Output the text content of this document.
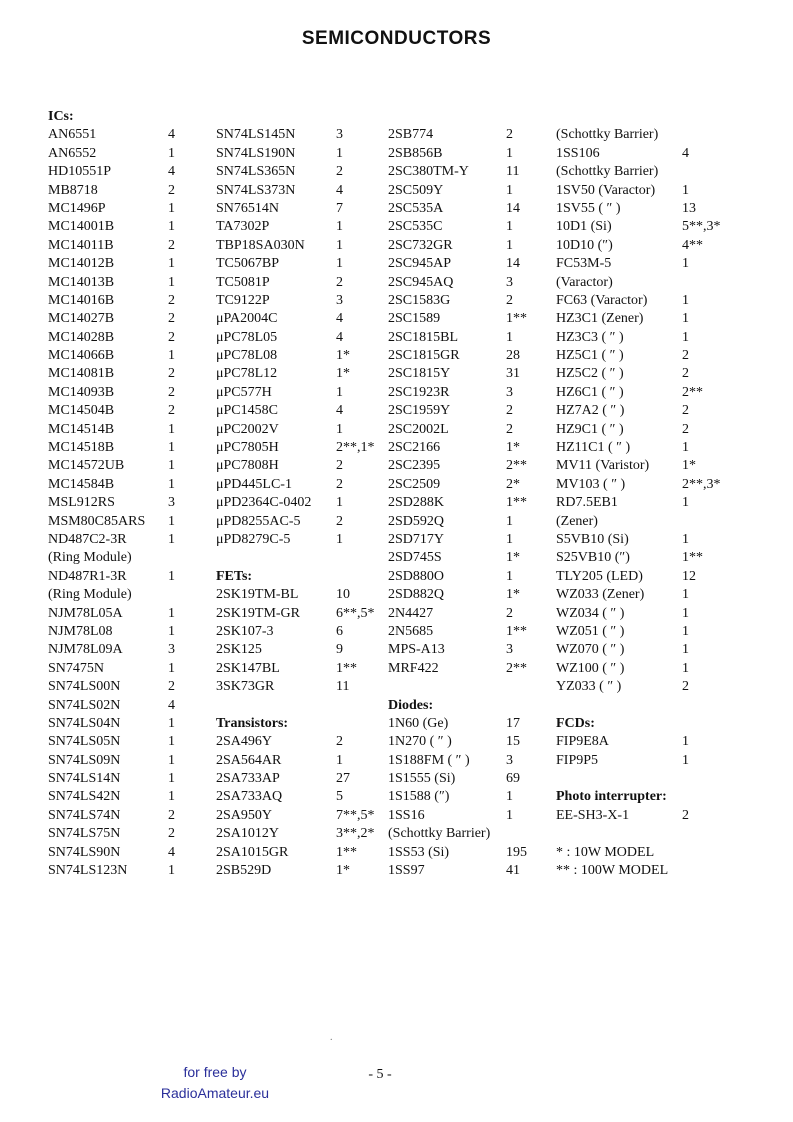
SEMICONDUCTORS
ICs:
AN6551	4
AN6552	1
HD10551P	4
MB8718	2
MC1496P	1
MC14001B	1
MC14011B	2
MC14012B	1
MC14013B	1
MC14016B	2
MC14027B	2
MC14028B	2
MC14066B	1
MC14081B	2
MC14093B	2
MC14504B	2
MC14514B	1
MC14518B	1
MC14572UB	1
MC14584B	1
MSL912RS	3
MSM80C85ARS 1
ND487C2-3R	1
(Ring Module)
ND487R1-3R	1
(Ring Module)
NJM78L05A	1
NJM78L08	1
NJM78L09A	3
SN7475N	1
SN74LS00N	2
SN74LS02N	4
SN74LS04N	1
SN74LS05N	1
SN74LS09N	1
SN74LS14N	1
SN74LS42N	1
SN74LS74N	2
SN74LS75N	2
SN74LS90N	4
SN74LS123N	1
SN74LS145N	3
SN74LS190N	1
SN74LS365N	2
SN74LS373N	4
SN76514N	7
TA7302P	1
TBP18SA030N 1
TC5067BP	1
TC5081P	2
TC9122P	3
μPA2004C	4
μPC78L05	4
μPC78L08	1*
μPC78L12	1*
μPC577H	1
μPC1458C	4
μPC2002V	1
μPC7805H	2**,1*
μPC7808H	2
μPD445LC-1	2
μPD2364C-0402 1
μPD8255AC-5	2
μPD8279C-5	1
FETs:
2SK19TM-BL	10
2SK19TM-GR	6**,5*
2SK107-3	6
2SK125	9
2SK147BL	1**
3SK73GR	11
Transistors:
2SA496Y	2
2SA564AR	1
2SA733AP	27
2SA733AQ	5
2SA950Y	7**,5*
2SA1012Y	3**,2*
2SA1015GR	1**
2SB529D	1*
2SB774	2
2SB856B	1
2SC380TM-Y	11
2SC509Y	1
2SC535A	14
2SC535C	1
2SC732GR	1
2SC945AP	14
2SC945AQ	3
2SC1583G	2
2SC1589	1**
2SC1815BL	1
2SC1815GR	28
2SC1815Y	31
2SC1923R	3
2SC1959Y	2
2SC2002L	2
2SC2166	1*
2SC2395	2**
2SC2509	2*
2SD288K	1**
2SD592Q	1
2SD717Y	1
2SD745S	1*
2SD880O	1
2SD882Q	1*
2N4427	2
2N5685	1**
MPS-A13	3
MRF422	2**
Diodes:
1N60 (Ge)	17
1N270 ( ″ )	15
1S188FM ( ″ )	3
1S1555 (Si)	69
1S1588 (″)	1
1SS16	1
(Schottky Barrier)
1SS53 (Si)	195
1SS97	41
(Schottky Barrier)
1SS106	4
(Schottky Barrier)
1SV50 (Varactor) 1
1SV55 ( ″ )	13
10D1 (Si)	5**,3*
10D10 (″)	4**
FC53M-5	1
(Varactor)
FC63 (Varactor) 1
HZ3C1 (Zener)	1
HZ3C3 ( ″ )	1
HZ5C1 ( ″ )	2
HZ5C2 ( ″ )	2
HZ6C1 ( ″ )	2**
HZ7A2 ( ″ )	2
HZ9C1 ( ″ )	2
HZ11C1 ( ″ )	1
MV11 (Varistor) 1*
MV103 ( ″ )	2**,3*
RD7.5EB1	1
(Zener)
S5VB10 (Si)	1
S25VB10 (″)	1**
TLY205 (LED)	12
WZ033 (Zener)	1
WZ034 ( ″ )	1
WZ051 ( ″ )	1
WZ070 ( ″ )	1
WZ100 ( ″ )	1
YZ033 ( ″ )	2
FCDs:
FIP9E8A	1
FIP9P5	1
Photo interrupter:
EE-SH3-X-1	2
* : 10W MODEL
** : 100W MODEL
.
for free by
RadioAmateur.eu
- 5 -
